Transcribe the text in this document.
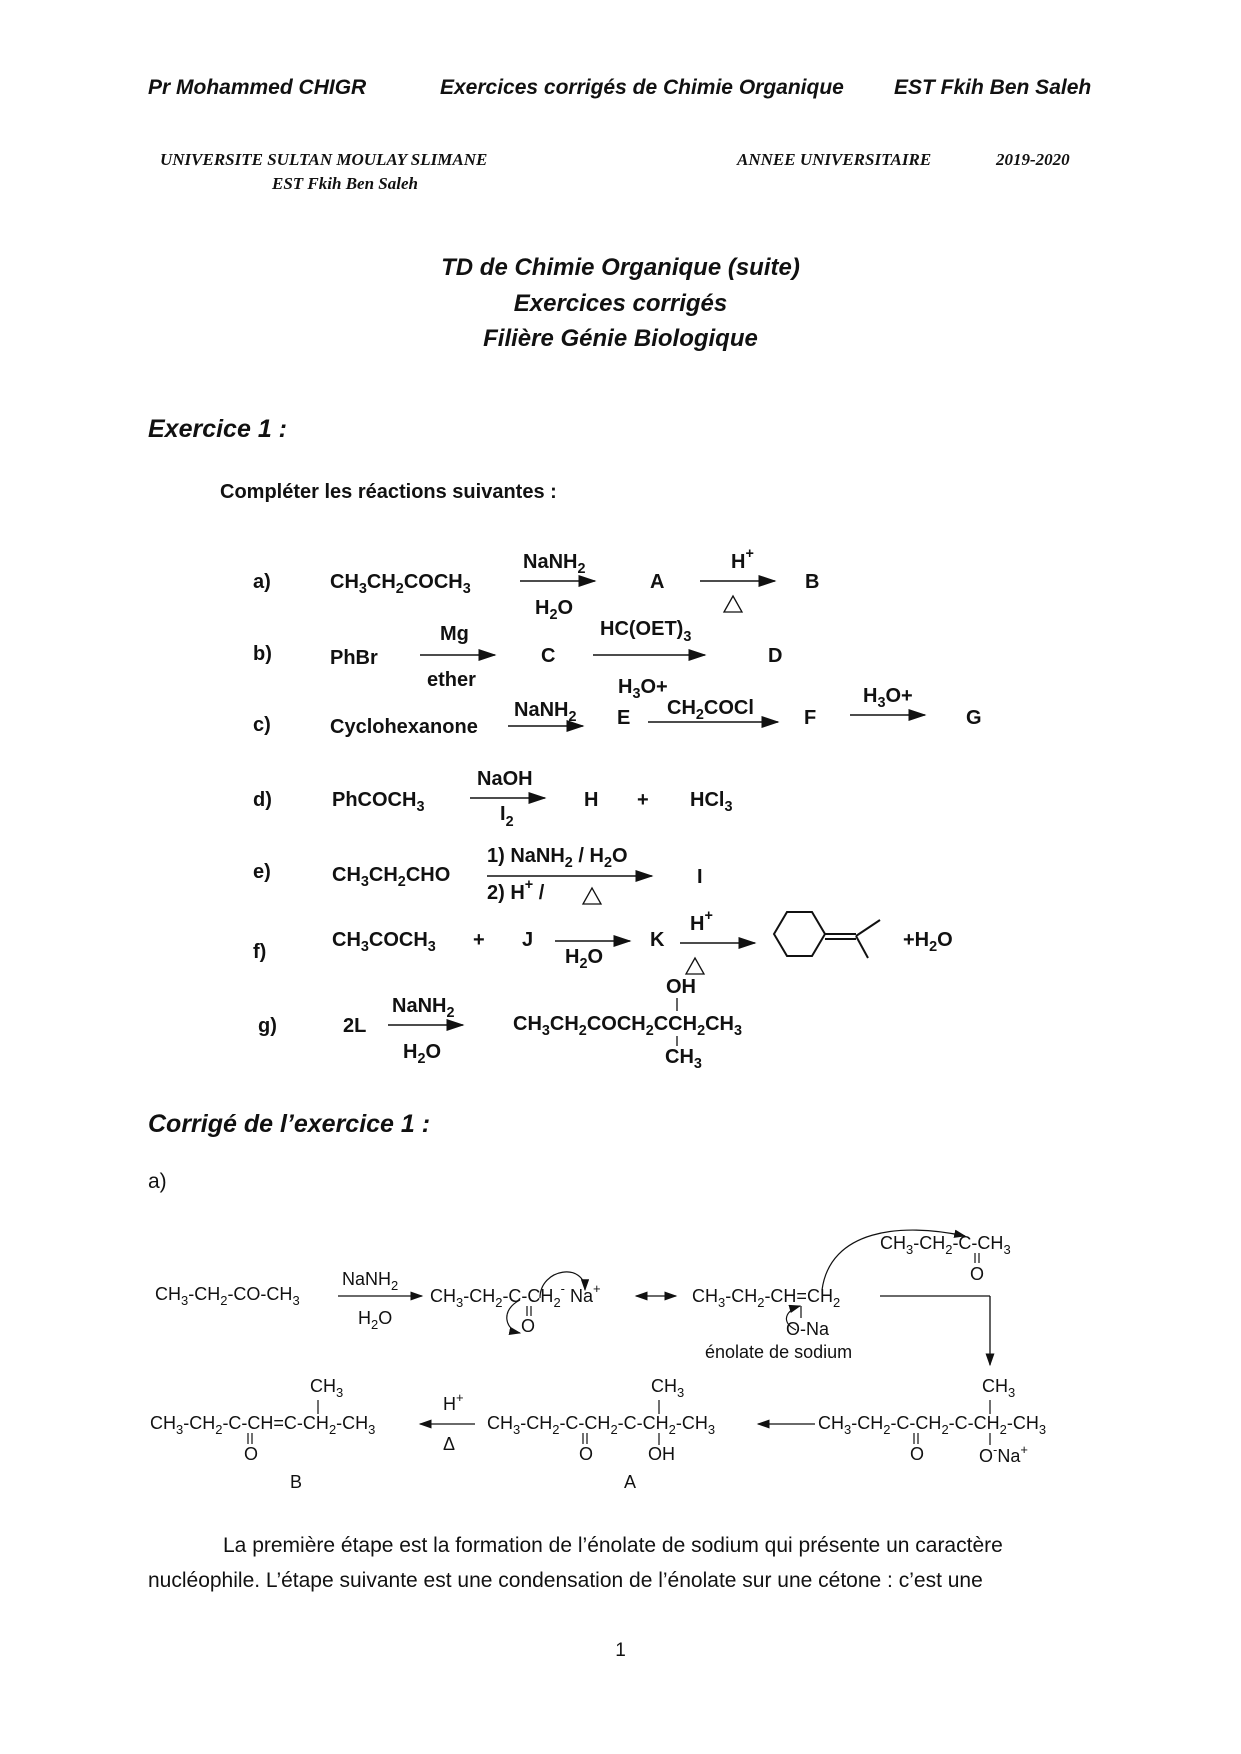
Pr Mohammed CHIGR	Exercices corrigés de Chimie Organique EST Fkih Ben Saleh
UNIVERSITE SULTAN MOULAY SLIMANE
EST Fkih Ben Saleh
ANNEE UNIVERSITAIRE	2019-2020
TD de Chimie Organique (suite)
Exercices corrigés
Filière Génie Biologique
Exercice 1 :
Compléter les réactions suivantes :
a)
b)
c)
d)
e)
f)
g)
$CH_3CH_2COCH_3$
NaNH$_2$
$H_2O$
A
H+
B
PhBr
Mg
ether
C
$HC(OET)_3$
D
Cyclohexanone
NaNH$_2$
$H_3O+$
E $CH_2COCl$	F
$H_3O+$
G
PhCOCH$_3$
NaOH
$I_2$
H + HCl$_3$
$CH_3CH_2CHO$
1) NaNH$_2$ / $H_2O$
2) H+ /
I
$CH_3COCH_3 + J$
$H_2O$
K
H+
$+H_2O$
2L
NaNH$_2$
$H_2O$
OH
$CH_3CH_2COCH_2CCH_2CH_3$
$CH_3$
Corrigé de l’exercice 1 :
a)
$CH_3-CH_2-CO-CH_3$
NaNH$_2$
$H_2O$
$CH_3-CH_2-C-CH_2^-$ Na+
O
$CH_3-CH_2-CH=CH_2$
O-Na
énolate de sodium
$CH_3-CH_2-C-CH_3$
O
$CH_3-CH_2-C-CH=C-CH_2-CH_3$
$CH_3$
O
B
H+
Δ
$CH_3-CH_2-C-CH_2-C-CH_2-CH_3$
$CH_3$
O	OH
A
$CH_3-CH_2-C-CH_2-C-CH_2-CH_3$
$CH_3$
O	O-Na+

La première étape est la formation de l’énolate de sodium qui présente un caractère

nucléophile. L’étape suivante est une condensation de l’énolate sur une cétone : c’est une

1
